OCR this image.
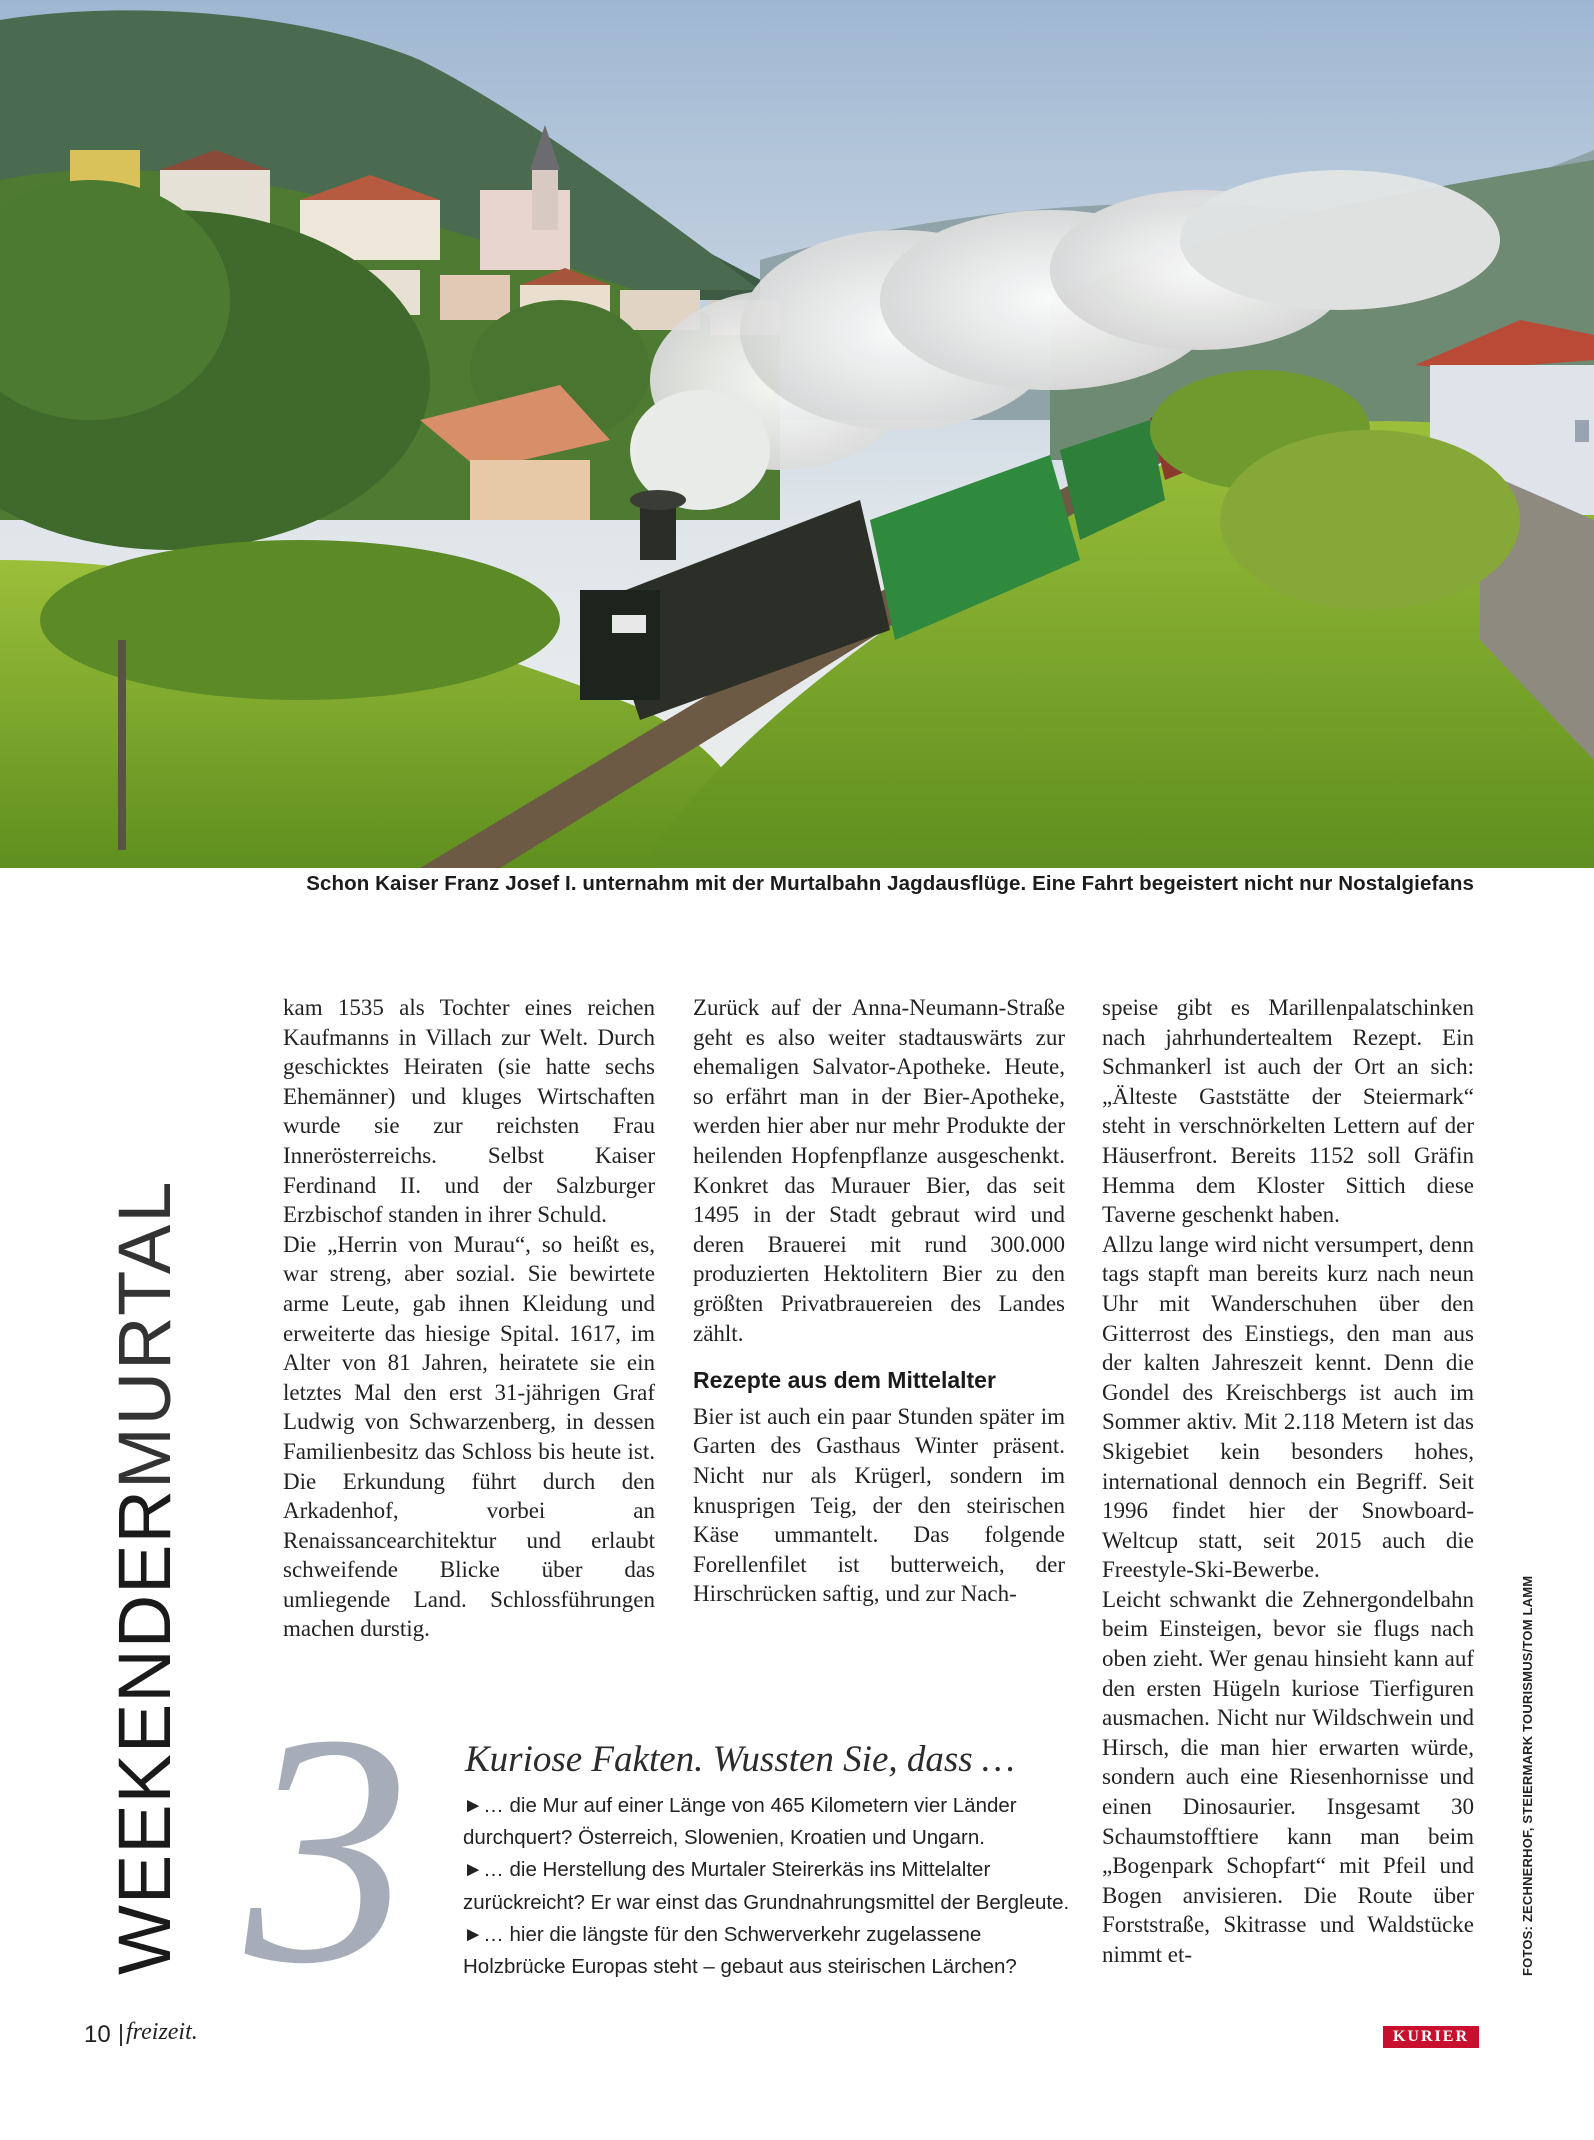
Schon Kaiser Franz Josef I. unternahm mit der Murtalbahn Jagdausflüge. Eine Fahrt begeistert nicht nur Nostalgiefans
WEEKENDERMURTAL

kam 1535 als Tochter eines reichen Kaufmanns in Villach zur Welt. Durch geschicktes Heiraten (sie hatte sechs Ehemänner) und kluges Wirtschaften wurde sie zur reichsten Frau Innerösterreichs. Selbst Kaiser Ferdinand II. und der Salzburger Erzbischof standen in ihrer Schuld.

Die „Herrin von Murau“, so heißt es, war streng, aber sozial. Sie bewirtete arme Leute, gab ihnen Kleidung und erweiterte das hiesige Spital. 1617, im Alter von 81 Jahren, heiratete sie ein letztes Mal den erst 31-jährigen Graf Ludwig von Schwarzenberg, in dessen Familienbesitz das Schloss bis heute ist. Die Erkundung führt durch den Arkadenhof, vorbei an Renaissancearchitektur und erlaubt schweifende Blicke über das umliegende Land. Schlossführungen machen durstig.

Zurück auf der Anna-Neumann-Straße geht es also weiter stadtauswärts zur ehemaligen Salvator-Apotheke. Heute, so erfährt man in der Bier-Apotheke, werden hier aber nur mehr Produkte der heilenden Hopfenpflanze ausgeschenkt. Konkret das Murauer Bier, das seit 1495 in der Stadt gebraut wird und deren Brauerei mit rund 300.000 produzierten Hektolitern Bier zu den größten Privatbrauereien des Landes zählt.

Rezepte aus dem Mittelalter

Bier ist auch ein paar Stunden später im Garten des Gasthaus Winter präsent. Nicht nur als Krügerl, sondern im knusprigen Teig, der den steirischen Käse ummantelt. Das folgende Forellenfilet ist butterweich, der Hirschrücken saftig, und zur Nach-

speise gibt es Marillenpalatschinken nach jahrhundertealtem Rezept. Ein Schmankerl ist auch der Ort an sich: „Älteste Gaststätte der Steiermark“ steht in verschnörkelten Lettern auf der Häuserfront. Bereits 1152 soll Gräfin Hemma dem Kloster Sittich diese Taverne geschenkt haben.

Allzu lange wird nicht versumpert, denn tags stapft man bereits kurz nach neun Uhr mit Wanderschuhen über den Gitterrost des Einstiegs, den man aus der kalten Jahreszeit kennt. Denn die Gondel des Kreischbergs ist auch im Sommer aktiv. Mit 2.118 Metern ist das Skigebiet kein besonders hohes, international dennoch ein Begriff. Seit 1996 findet hier der Snowboard-Weltcup statt, seit 2015 auch die Freestyle-Ski-Bewerbe.

Leicht schwankt die Zehnergondelbahn beim Einsteigen, bevor sie flugs nach oben zieht. Wer genau hinsieht kann auf den ersten Hügeln kuriose Tierfiguren ausmachen. Nicht nur Wildschwein und Hirsch, die man hier erwarten würde, sondern auch eine Riesenhornisse und einen Dinosaurier. Insgesamt 30 Schaumstofftiere kann man beim „Bogenpark Schopfart“ mit Pfeil und Bogen anvisieren. Die Route über Forststraße, Skitrasse und Waldstücke nimmt et-

3 Kuriose Fakten. Wussten Sie, dass …
►… die Mur auf einer Länge von 465 Kilometern vier Länder
durchquert? Österreich, Slowenien, Kroatien und Ungarn.
►… die Herstellung des Murtaler Steirerkäs ins Mittelalter
zurückreicht? Er war einst das Grundnahrungsmittel der Bergleute.
►… hier die längste für den Schwerverkehr zugelassene
Holzbrücke Europas steht – gebaut aus steirischen Lärchen?
10 freizeit.	KURIER
FOTOS: ZECHNERHOF, STEIERMARK TOURISMUS/TOM LAMM
